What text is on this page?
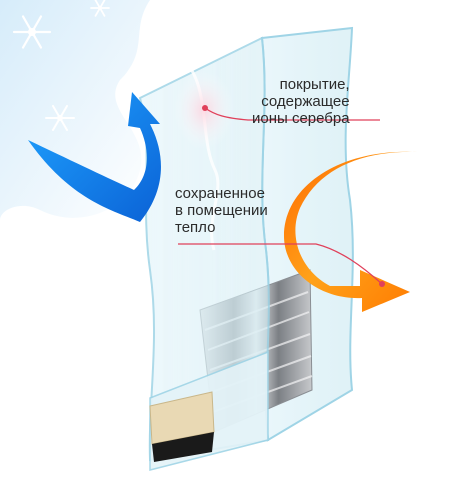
покрытие,
содержащее
ионы серебра
сохраненное
в помещении
тепло
